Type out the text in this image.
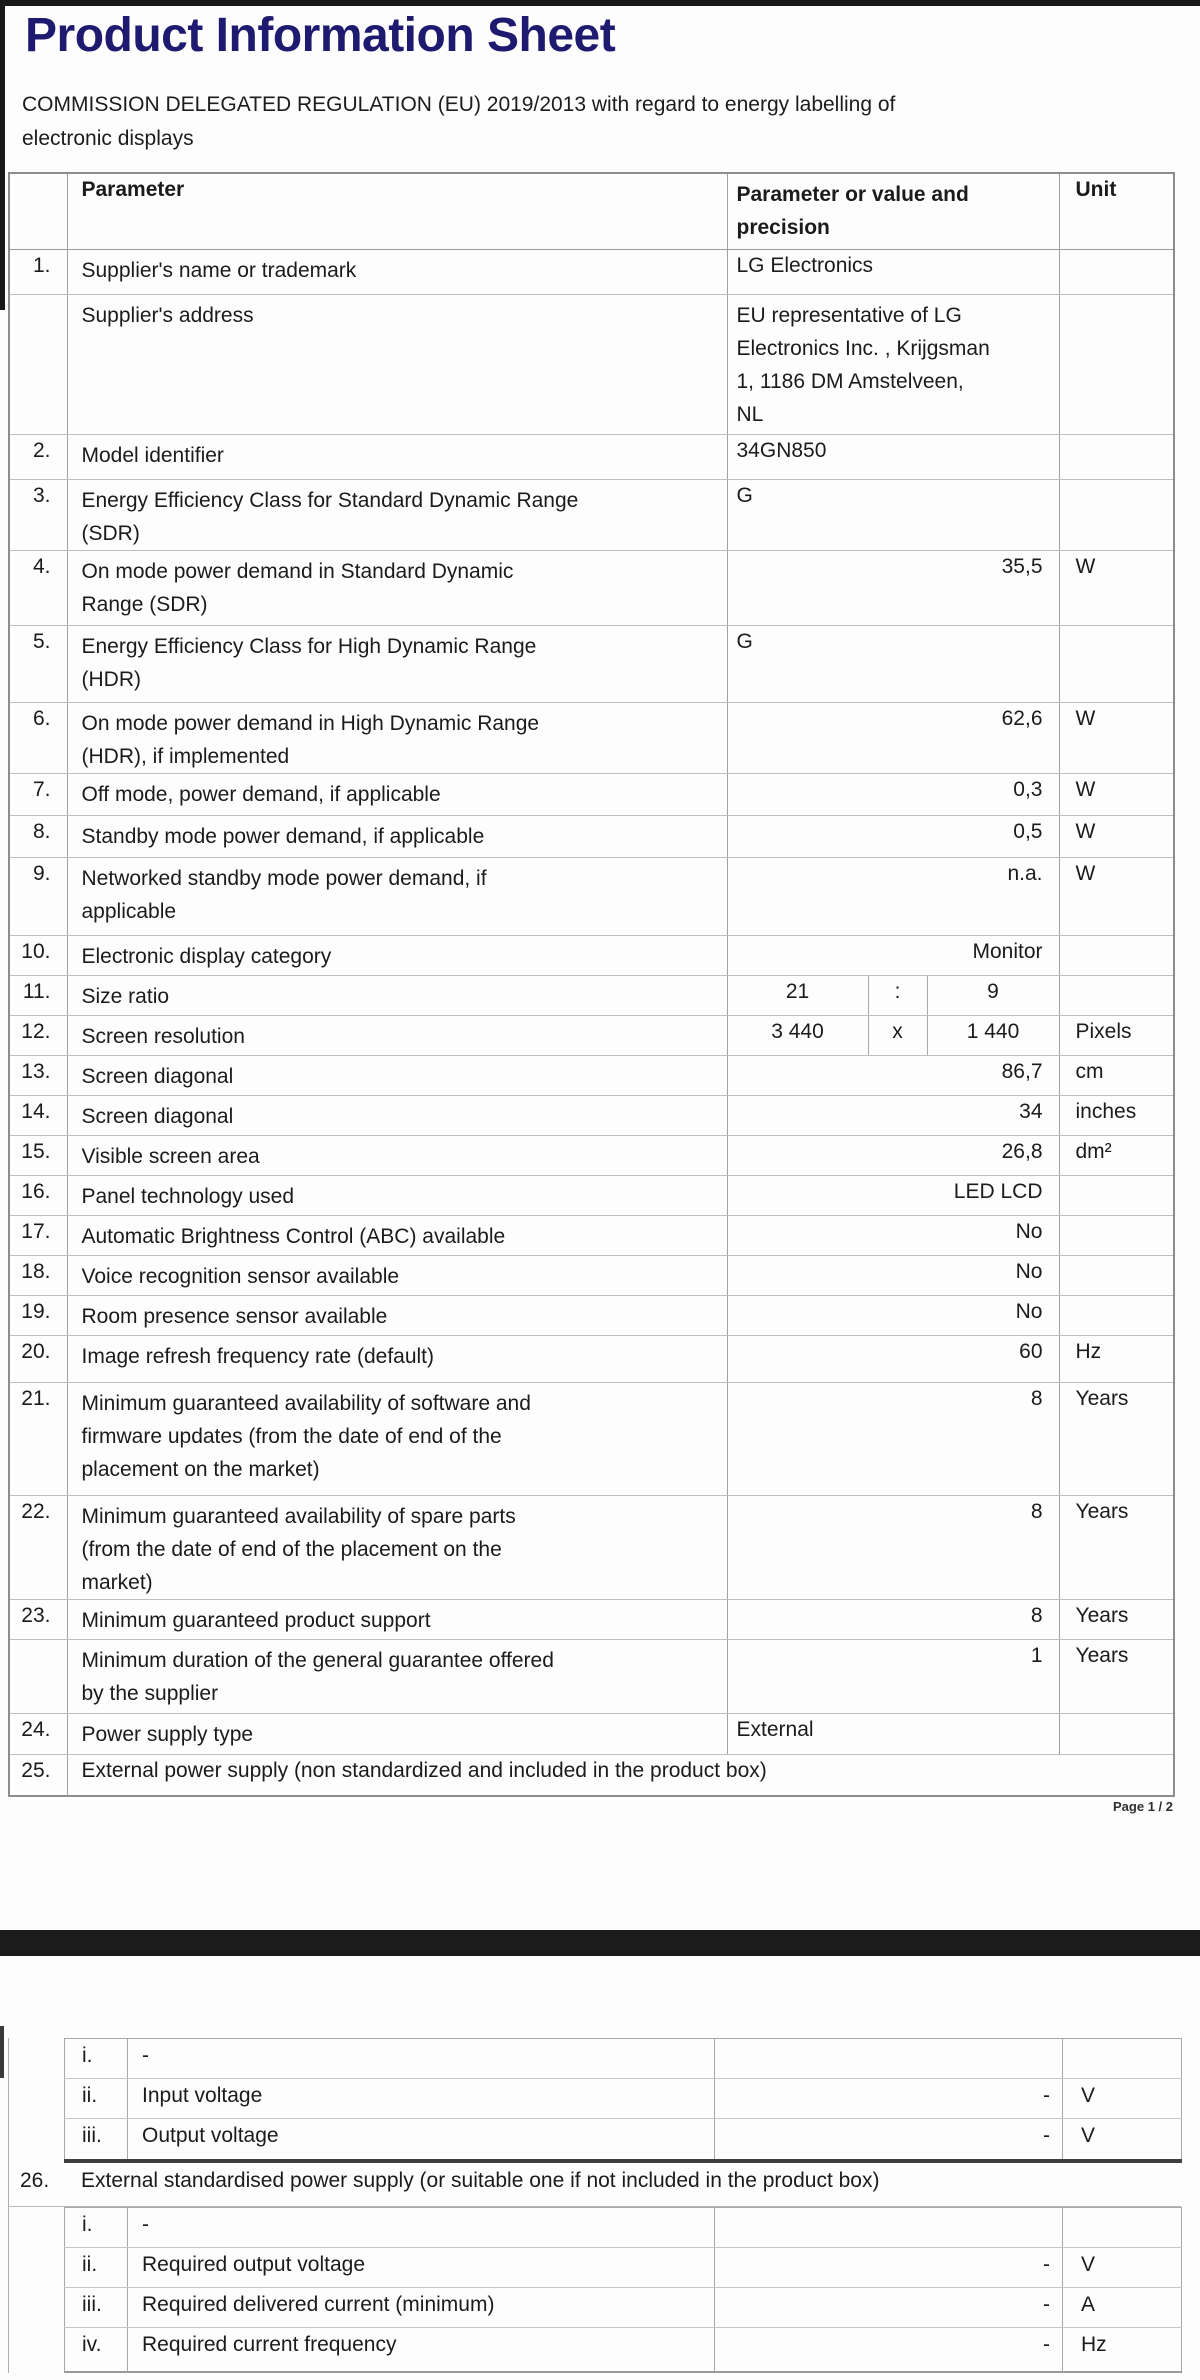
Product Information Sheet
COMMISSION DELEGATED REGULATION (EU) 2019/2013 with regard to energy labelling of
electronic displays
	Parameter	Parameter or value and
precision	Unit
1.	Supplier's name or trademark	LG Electronics	

	Supplier's address	EU representative of LG
Electronics Inc. , Krijgsman
1, 1186 DM Amstelveen,
NL	

2.	Model identifier	34GN850	
3.	Energy Efficiency Class for Standard Dynamic Range
(SDR)	G	
4.	On mode power demand in Standard Dynamic
Range (SDR)	35,5	W
5.	Energy Efficiency Class for High Dynamic Range
(HDR)	G	
6.	On mode power demand in High Dynamic Range
(HDR), if implemented	62,6	W
7.	Off mode, power demand, if applicable	0,3	W
8.	Standby mode power demand, if applicable	0,5	W
9.	Networked standby mode power demand, if
applicable	n.a.	W
10.	Electronic display category	Monitor	
11.	Size ratio	21 : 9	

12.	Screen resolution	3 440 x 1 440	Pixels
13.	Screen diagonal	86,7	cm
14.	Screen diagonal	34	inches
15.	Visible screen area	26,8	dm²
16.	Panel technology used	LED LCD	
17.	Automatic Brightness Control (ABC) available	No	
18.	Voice recognition sensor available	No	
19.	Room presence sensor available	No	
20.	Image refresh frequency rate (default)	60	Hz
21.	Minimum guaranteed availability of software and
firmware updates (from the date of end of the
placement on the market)	8	Years
22.	Minimum guaranteed availability of spare parts
(from the date of end of the placement on the
market)	8	Years
23.	Minimum guaranteed product support	8	Years

	Minimum duration of the general guarantee offered
by the supplier	1	Years
24.	Power supply type	External	
25.	External power supply (non standardized and included in the product box)		
Page 1 / 2
i.	-		
ii.	Input voltage	-	V
iii.	Output voltage	-	V
26.	External standardised power supply (or suitable one if not included in the product box)
i.	-		
ii.	Required output voltage	-	V
iii.	Required delivered current (minimum)	-	A
iv.	Required current frequency	-	Hz
